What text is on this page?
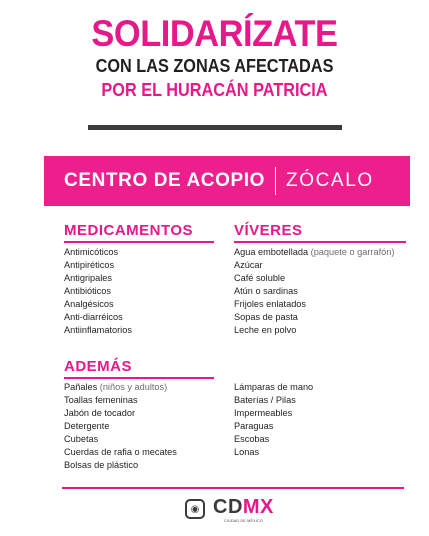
SOLIDARÍZATE
CON LAS ZONAS AFECTADAS
POR EL HURACÁN PATRICIA
CENTRO DE ACOPIO ZÓCALO
MEDICAMENTOS
Antimicóticos
Antipiréticos
Antigripales
Antibióticos
Analgésicos
Anti-diarréicos
Antiinflamatorios
VÍVERES
Agua embotellada (paquete o garrafón)
Azúcar
Café soluble
Atún o sardinas
Frijoles enlatados
Sopas de pasta
Leche en polvo
ADEMÁS
Pañales (niños y adultos)
Toallas femeninas
Jabón de tocador
Detergente
Cubetas
Cuerdas de rafia o mecates
Bolsas de plástico
Lámparas de mano
Baterías / Pilas
Impermeables
Paraguas
Escobas
Lonas
◉ CDMX
CIUDAD DE MÉXICO
